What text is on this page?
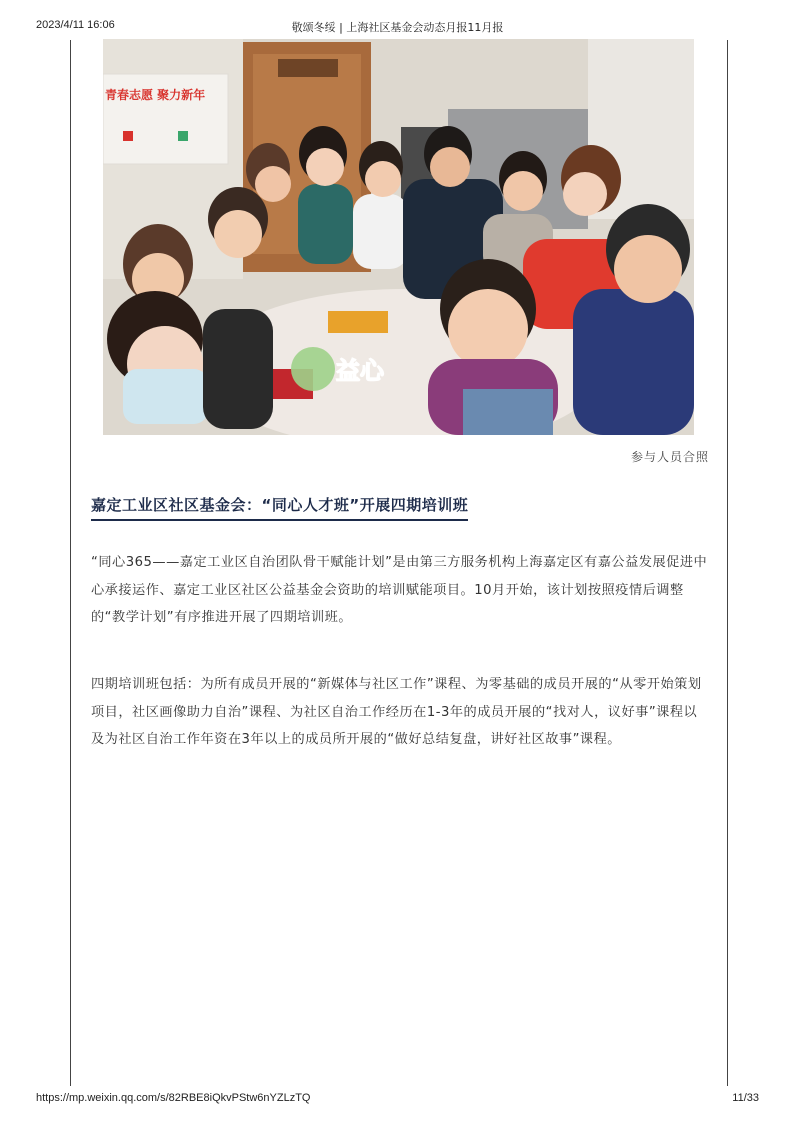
2023/4/11 16:06	敬颂冬绥 | 上海社区基金会动态月报11月报
青春志愿 聚力新年
益心
参与人员合照
嘉定工业区社区基金会：“同心人才班”开展四期培训班

“同心365——嘉定工业区自治团队骨干赋能计划”是由第三方服务机构上海嘉定区有嘉公益发展促进中心承接运作、嘉定工业区社区公益基金会资助的培训赋能项目。10月开始，该计划按照疫情后调整的“教学计划”有序推进开展了四期培训班。

四期培训班包括：为所有成员开展的“新媒体与社区工作”课程、为零基础的成员开展的“从零开始策划项目，社区画像助力自治”课程、为社区自治工作经历在1-3年的成员开展的“找对人，议好事”课程以及为社区自治工作年资在3年以上的成员所开展的“做好总结复盘，讲好社区故事”课程。

https://mp.weixin.qq.com/s/82RBE8iQkvPStw6nYZLzTQ	11/33
